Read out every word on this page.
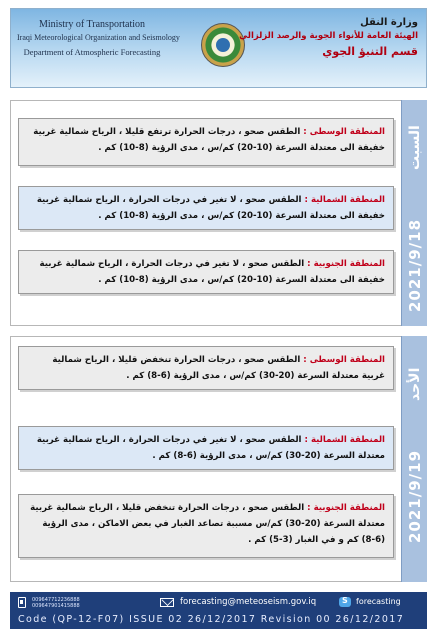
Ministry of Transportation
Iraqi Meteorological Organization and Seismology
Department of Atmospheric Forecasting
وزارة النقل
الهيئة العامة للأنواء الجوية والرصد الزلزالي
قسم التنبؤ الجوي
السبت
2021/9/18
المنطقة الوسطى : الطقس صحو ، درجات الحرارة ترتفع قليلا ، الرياح شمالية غربية خفيفة الى معتدلة السرعة (10-20) كم/س ، مدى الرؤية (8-10) كم .
المنطقة الشمالية : الطقس صحو ، لا تغير في درجات الحرارة ، الرياح شمالية غربية خفيفة الى معتدلة السرعة (10-20) كم/س ، مدى الرؤية (8-10) كم .
المنطقة الجنوبية : الطقس صحو ، لا تغير في درجات الحرارة ، الرياح شمالية غربية خفيفة الى معتدلة السرعة (10-20) كم/س ، مدى الرؤية (8-10) كم .
الأحد
2021/9/19
المنطقة الوسطى : الطقس صحو ، درجات الحرارة تنخفض قليلا ، الرياح شمالية غربية معتدلة السرعة (20-30) كم/س ، مدى الرؤية (6-8) كم .
المنطقة الشمالية : الطقس صحو ، لا تغير في درجات الحرارة ، الرياح شمالية غربية معتدلة السرعة (20-30) كم/س ، مدى الرؤية (6-8) كم .
المنطقة الجنوبية : الطقس صحو ، درجات الحرارة تنخفض قليلا ، الرياح شمالية غربية معتدلة السرعة (20-30) كم/س مسببة تصاعد الغبار في بعض الاماكن ، مدى الرؤية (6-8) كم و في الغبار (3-5) كم .
009647712236888
009647901415888	forecasting@meteoseism.gov.iq
S	forecasting
Code (QP-12-F07) ISSUE 02 26/12/2017 Revision 00 26/12/2017
